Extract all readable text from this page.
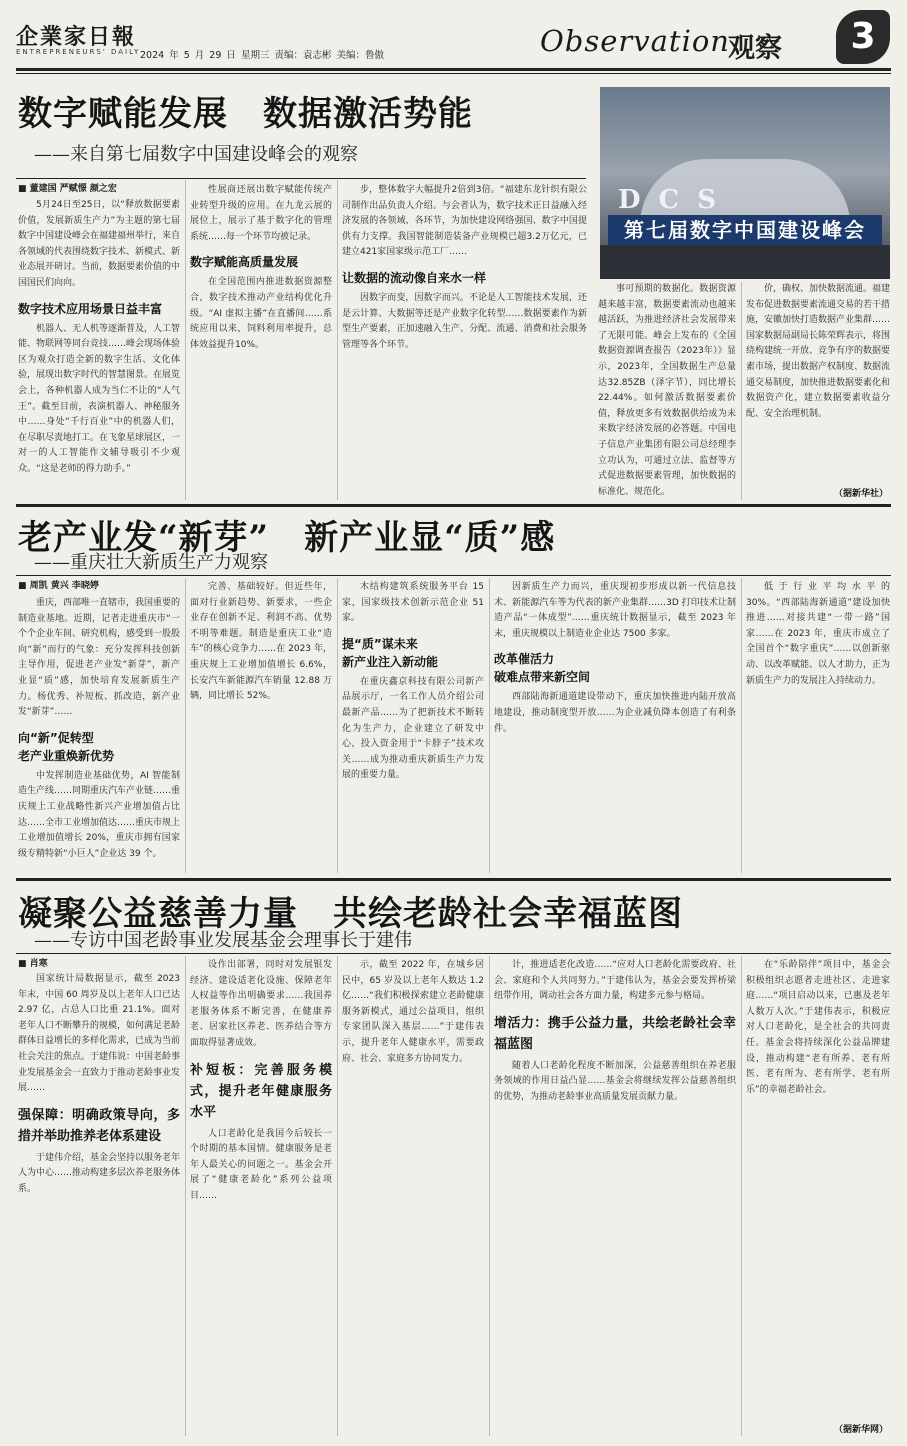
企業家日報
ENTREPRENEURS' DAILY 2024 年 5 月 29 日 星期三 责编：袁志彬 美编：鲁傲	Observation
观察	3
数字赋能发展　数据激活势能
——来自第七届数字中国建设峰会的观察
DCS
第七届数字中国建设峰会
■ 董建国 严赋憬 颜之宏

5月24日至25日，以“释放数据要素价值，发展新质生产力”为主题的第七届数字中国建设峰会在福建福州举行，来自各领域的代表围绕数字技术、新模式、新业态展开研讨。当前，数据要素价值的中国国民们向向。

数字技术应用场景日益丰富

机器人、无人机等逐渐普及，人工智能、物联网等同台竞技……峰会现场体验区为观众打造全新的数字生活、文化体验，展现出数字时代的智慧图景。在展览会上，各种机器人成为当仁不让的“人气王”。截至目前，表演机器人、神秘服务中……身处“千行百业”中的机器人们，在尽职尽责地打工。在飞象星球展区，一对一的人工智能作文辅导吸引不少观众。“这是老师的得力助手。”

性展商还展出数字赋能传统产业转型升级的应用。在九龙云展的展位上，展示了基于数字化的管理系统……每一个环节均被记录。

数字赋能高质量发展

在全国范围内推进数据资源整合，数字技术推动产业结构优化升级。“AI 虚拟主播”在直播间……系统应用以来，饲料利用率提升，总体效益提升10%。

步，整体数字大幅提升2倍到3倍。“福建东龙针织有限公司制作出品负责人介绍。与会者认为，数字技术正日益融入经济发展的各领域、各环节，为加快建设网络强国、数字中国提供有力支撑。我国智能制造装备产业规模已超3.2万亿元，已建立421家国家级示范工厂……

让数据的流动像自来水一样

因数字而变，因数字而兴。不论是人工智能技术发展，还是云计算、大数据等还是产业数字化转型……数据要素作为新型生产要素，正加速融入生产、分配、流通、消费和社会服务管理等各个环节。

事可预期的数据化。数据资源越来越丰富，数据要素流动也越来越活跃，为推进经济社会发展带来了无限可能。峰会上发布的《全国数据资源调查报告（2023年）》显示，2023年，全国数据生产总量达32.85ZB（泽字节），同比增长22.44%。如何激活数据要素价值，释放更多有效数据供给成为未来数字经济发展的必答题。中国电子信息产业集团有限公司总经理李立功认为，可通过立法、监督等方式促进数据要素管理，加快数据的标准化、规范化。

价，确权、加快数据流通。福建发布促进数据要素流通交易的若干措施，安徽加快打造数据产业集群……国家数据局副局长陈荣辉表示，将围绕构建统一开放、竞争有序的数据要素市场，提出数据产权制度、数据流通交易制度，加快推进数据要素化和数据资产化，建立数据要素收益分配、安全治理机制。

（据新华社）
老产业发“新芽”　新产业显“质”感
——重庆壮大新质生产力观察
■ 周凯 黄兴 李晓婷

重庆，西部唯一直辖市，我国重要的制造业基地。近期，记者走进重庆市“一个个企业车间、研究机构，感受到一股股向“新”而行的气象：充分发挥科技创新主导作用，促进老产业发“新芽”，新产业显“质”感，加快培育发展新质生产力。杨优秀、补短板、抓改造，新产业发“新芽”……

向“新”促转型
老产业重焕新优势

中发挥制造业基础优势，AI 智能制造生产线……同期重庆汽车产业链……重庆规上工业战略性新兴产业增加值占比达……全市工业增加值达……重庆市规上工业增加值增长 20%，重庆市拥有国家级专精特新“小巨人”企业达 39 个。

完善、基础较好。但近些年，面对行业新趋势、新要求，一些企业存在创新不足、利润不高、优势不明等难题。制造是重庆工业“造车”的核心竞争力……在 2023 年，重庆规上工业增加值增长 6.6%，长安汽车新能源汽车销量 12.88 万辆，同比增长 52%。

木结构建筑系统服务平台 15 家，国家级技术创新示范企业 51 家。

提“质”谋未来
新产业注入新动能

在重庆鑫京科技有限公司新产品展示厅，一名工作人员介绍公司最新产品……为了把新技术不断转化为生产力，企业建立了研发中心，投入资金用于“卡脖子”技术攻关……成为推动重庆新质生产力发展的重要力量。

因新质生产力而兴，重庆现初步形成以新一代信息技术、新能源汽车等为代表的新产业集群……3D 打印技术让制造产品“一体成型”……重庆统计数据显示，截至 2023 年末，重庆规模以上制造业企业达 7500 多家。

改革催活力
破难点带来新空间

西部陆海新通道建设带动下，重庆加快推进内陆开放高地建设，推动制度型开放……为企业减负降本创造了有利条件。

低于行业平均水平的 30%。“西部陆海新通道”建设加快推进……对接共建“一带一路”国家……在 2023 年，重庆市成立了全国首个“数字重庆”……以创新驱动、以改革赋能、以人才助力，正为新质生产力的发展注入持续动力。

凝聚公益慈善力量　共绘老龄社会幸福蓝图
——专访中国老龄事业发展基金会理事长于建伟
■ 肖寒

国家统计局数据显示，截至 2023 年末，中国 60 周岁及以上老年人口已达 2.97 亿，占总人口比重 21.1%。面对老年人口不断攀升的规模，如何满足老龄群体日益增长的多样化需求，已成为当前社会关注的焦点。于建伟说：中国老龄事业发展基金会一直致力于推动老龄事业发展……

强保障：明确政策导向，多措并举助推养老体系建设

于建伟介绍，基金会坚持以服务老年人为中心……推动构建多层次养老服务体系。

设作出部署，同时对发展银发经济、建设适老化设施、保障老年人权益等作出明确要求……我国养老服务体系不断完善，在健康养老、居家社区养老、医养结合等方面取得显著成效。

补短板：完善服务模式，提升老年健康服务水平

人口老龄化是我国今后较长一个时期的基本国情。健康服务是老年人最关心的问题之一。基金会开展了“健康老龄化”系列公益项目……

示，截至 2022 年，在城乡居民中，65 岁及以上老年人数达 1.2 亿……“我们积极探索建立老龄健康服务新模式，通过公益项目，组织专家团队深入基层……”于建伟表示，提升老年人健康水平，需要政府、社会、家庭多方协同发力。

计，推进适老化改造……“应对人口老龄化需要政府、社会、家庭和个人共同努力。”于建伟认为，基金会要发挥桥梁纽带作用，调动社会各方面力量，构建多元参与格局。

增活力：携手公益力量，共绘老龄社会幸福蓝图

随着人口老龄化程度不断加深，公益慈善组织在养老服务领域的作用日益凸显……基金会将继续发挥公益慈善组织的优势，为推动老龄事业高质量发展贡献力量。

在“乐龄陪伴”项目中，基金会积极组织志愿者走进社区、走进家庭……“项目启动以来，已惠及老年人数万人次。”于建伟表示，积极应对人口老龄化，是全社会的共同责任。基金会将持续深化公益品牌建设，推动构建“老有所养、老有所医、老有所为、老有所学、老有所乐”的幸福老龄社会。

（据新华网）
